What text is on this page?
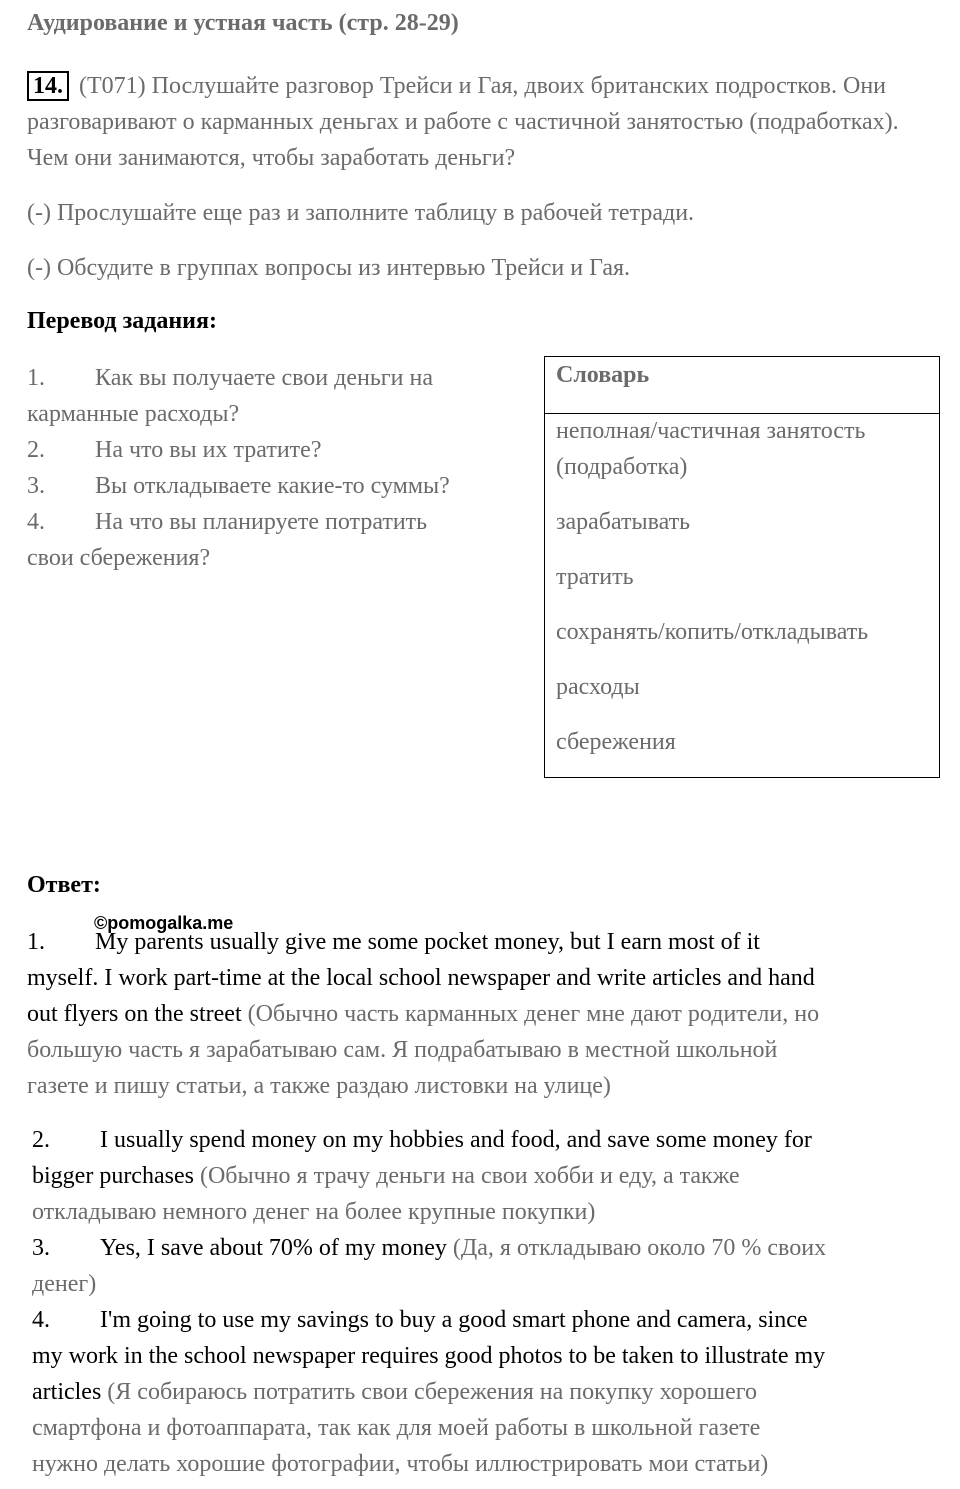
Аудирование и устная часть (стр. 28-29)
14. (T071) Послушайте разговор Трейси и Гая, двоих британских подростков. Они разговаривают о карманных деньгах и работе с частичной занятостью (подработках). Чем они занимаются, чтобы заработать деньги?
(-) Прослушайте еще раз и заполните таблицу в рабочей тетради.
(-) Обсудите в группах вопросы из интервью Трейси и Гая.
Перевод задания:
1. Как вы получаете свои деньги на
карманные расходы?
2. На что вы их тратите?
3. Вы откладываете какие-то суммы?
4. На что вы планируете потратить
свои сбережения?
Словарь
неполная/частичная занятость
(подработка)
зарабатывать
тратить
сохранять/копить/откладывать
расходы
сбережения
Ответ:
©pomogalka.me
1. My parents usually give me some pocket money, but I earn most of it
myself. I work part-time at the local school newspaper and write articles and hand
out flyers on the street (Обычно часть карманных денег мне дают родители, но
большую часть я зарабатываю сам. Я подрабатываю в местной школьной
газете и пишу статьи, а также раздаю листовки на улице)
2. I usually spend money on my hobbies and food, and save some money for
bigger purchases (Обычно я трачу деньги на свои хобби и еду, а также
откладываю немного денег на более крупные покупки)
3. Yes, I save about 70% of my money (Да, я откладываю около 70 % своих
денег)
4. I'm going to use my savings to buy a good smart phone and camera, since
my work in the school newspaper requires good photos to be taken to illustrate my
articles (Я собираюсь потратить свои сбережения на покупку хорошего
смартфона и фотоаппарата, так как для моей работы в школьной газете
нужно делать хорошие фотографии, чтобы иллюстрировать мои статьи)
